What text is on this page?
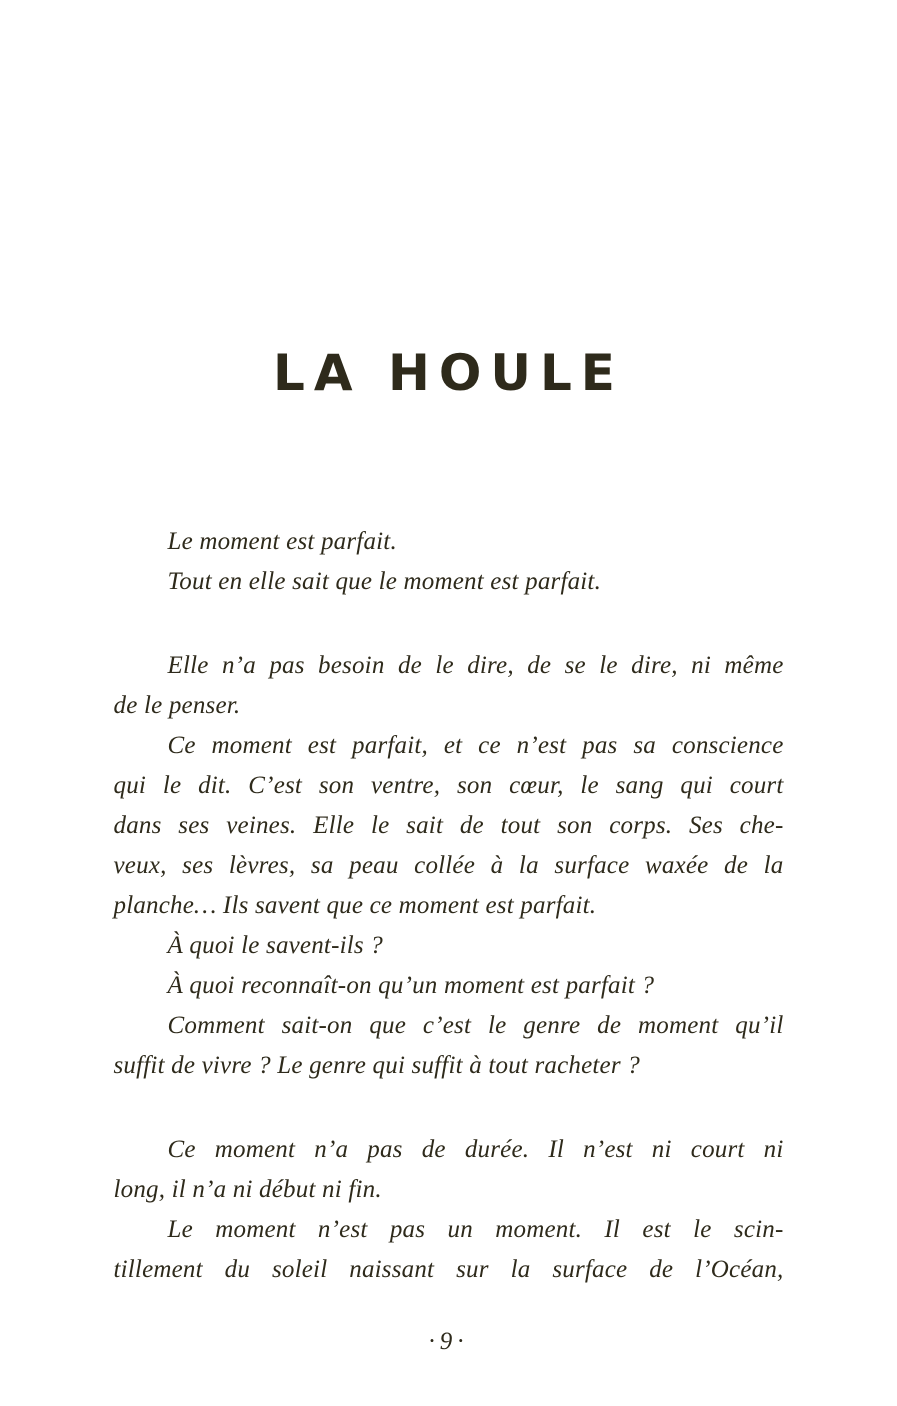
LA HOULE

Le moment est parfait.

Tout en elle sait que le moment est parfait.

Elle n’a pas besoin de le dire, de se le dire, ni même
de le penser.

Ce moment est parfait, et ce n’est pas sa conscience
qui le dit. C’est son ventre, son cœur, le sang qui court
dans ses veines. Elle le sait de tout son corps. Ses che-
veux, ses lèvres, sa peau collée à la surface waxée de la
planche… Ils savent que ce moment est parfait.

À quoi le savent-ils ?

À quoi reconnaît-on qu’un moment est parfait ?

Comment sait-on que c’est le genre de moment qu’il
suffit de vivre ? Le genre qui suffit à tout racheter ?

Ce moment n’a pas de durée. Il n’est ni court ni
long, il n’a ni début ni fin.

Le moment n’est pas un moment. Il est le scin-
tillement du soleil naissant sur la surface de l’Océan,

·9·
